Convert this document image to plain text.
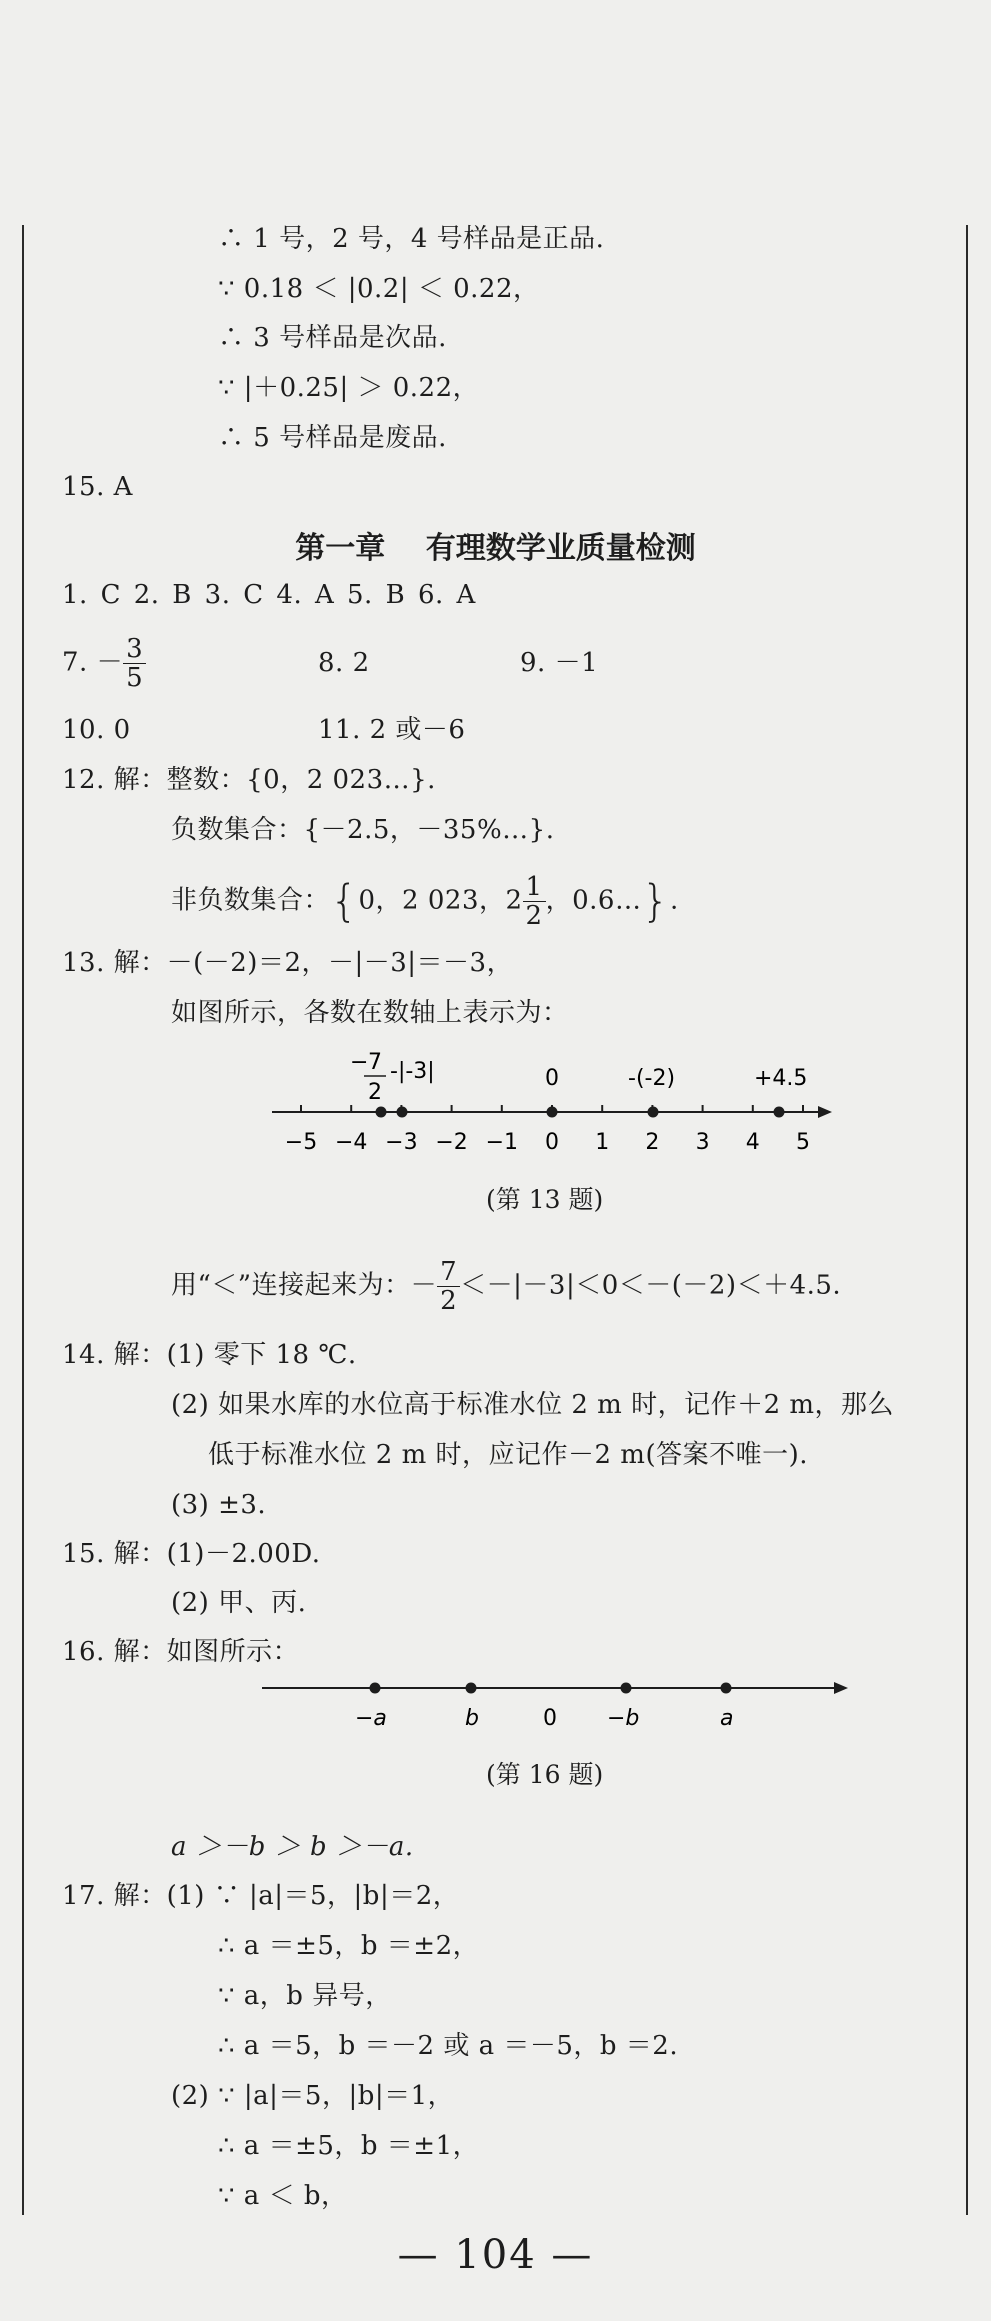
∴ 1 号，2 号，4 号样品是正品.
∵ 0.18 ＜ |0.2| ＜ 0.22，
∴ 3 号样品是次品.
∵ |＋0.25| ＞ 0.22，
∴ 5 号样品是废品.
15. A
第一章 有理数学业质量检测
1. C 2. B 3. C 4. A 5. B 6. A
7. － $\frac{3}{5}$	8. 2	9. －1
10. 0	11. 2 或－6
12. 解：整数：{0，2 023…}.
负数集合：{－2.5，－35%…}.
非负数集合：{0，2 023，$2 \frac{1}{2}$ ，0.6…}.
13. 解：－(－2)＝2，－|－3|＝－3，
如图所示，各数在数轴上表示为：
−5 −4 −3 −2 −1 0 1 2 3 4 5
− 7
2
-|-3|	0	-(-2)	+4.5
(第 13 题)
用“＜”连接起来为：－ $\frac{7}{2} <-|-3|<0<-(-2)<+4.5$.
14. 解：(1) 零下 18 ℃.
(2) 如果水库的水位高于标准水位 2 m 时，记作＋2 m，那么
低于标准水位 2 m 时，应记作－2 m(答案不唯一).
(3) ±3.
15. 解：(1)－2.00D.
(2) 甲、丙.
16. 解：如图所示：
−a	b	0 −b	a
(第 16 题)
a ＞－b ＞ b ＞－a.
17. 解：(1) ∵ |a|＝5，|b|＝2，
∴ a ＝±5，b ＝±2，
∵ a，b 异号，
∴ a ＝5，b ＝－2 或 a ＝－5，b ＝2.
(2) ∵ |a|＝5，|b|＝1，
∴ a ＝±5，b ＝±1，
∵ a ＜ b，
— 104 —
